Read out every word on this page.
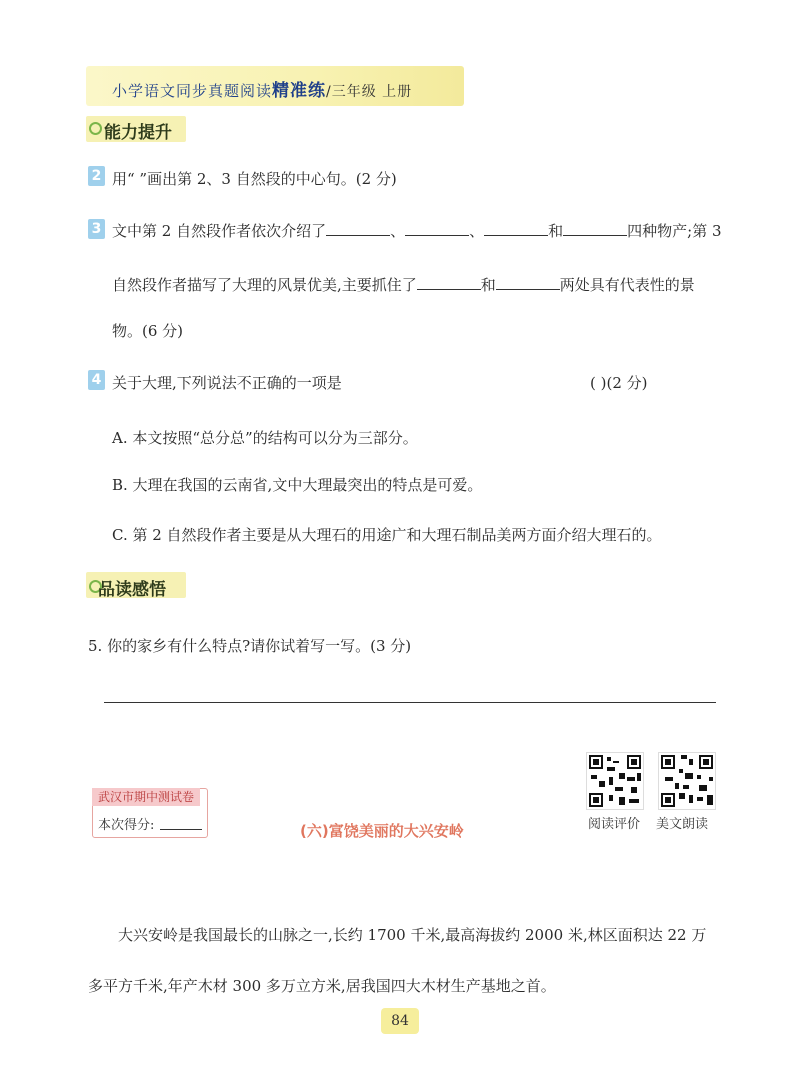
小学语文同步真题阅读精准练/三年级 上册
能力提升
2 用“ ”画出第 2、3 自然段的中心句。(2 分)
3 文中第 2 自然段作者依次介绍了	、	、	和	四种物产;第 3
自然段作者描写了大理的风景优美,主要抓住了	和	两处具有代表性的景
物。(6 分)
4 关于大理,下列说法不正确的一项是	( )(2 分)
A. 本文按照“总分总”的结构可以分为三部分。
B. 大理在我国的云南省,文中大理最突出的特点是可爱。
C. 第 2 自然段作者主要是从大理石的用途广和大理石制品美两方面介绍大理石的。
品读感悟
5. 你的家乡有什么特点?请你试着写一写。(3 分)
阅读评价 美文朗读
武汉市期中测试卷
本次得分:	(六)富饶美丽的大兴安岭
大兴安岭是我国最长的山脉之一,长约 1700 千米,最高海拔约 2000 米,林区面积达 22 万
多平方千米,年产木材 300 多万立方米,居我国四大木材生产基地之首。
84
